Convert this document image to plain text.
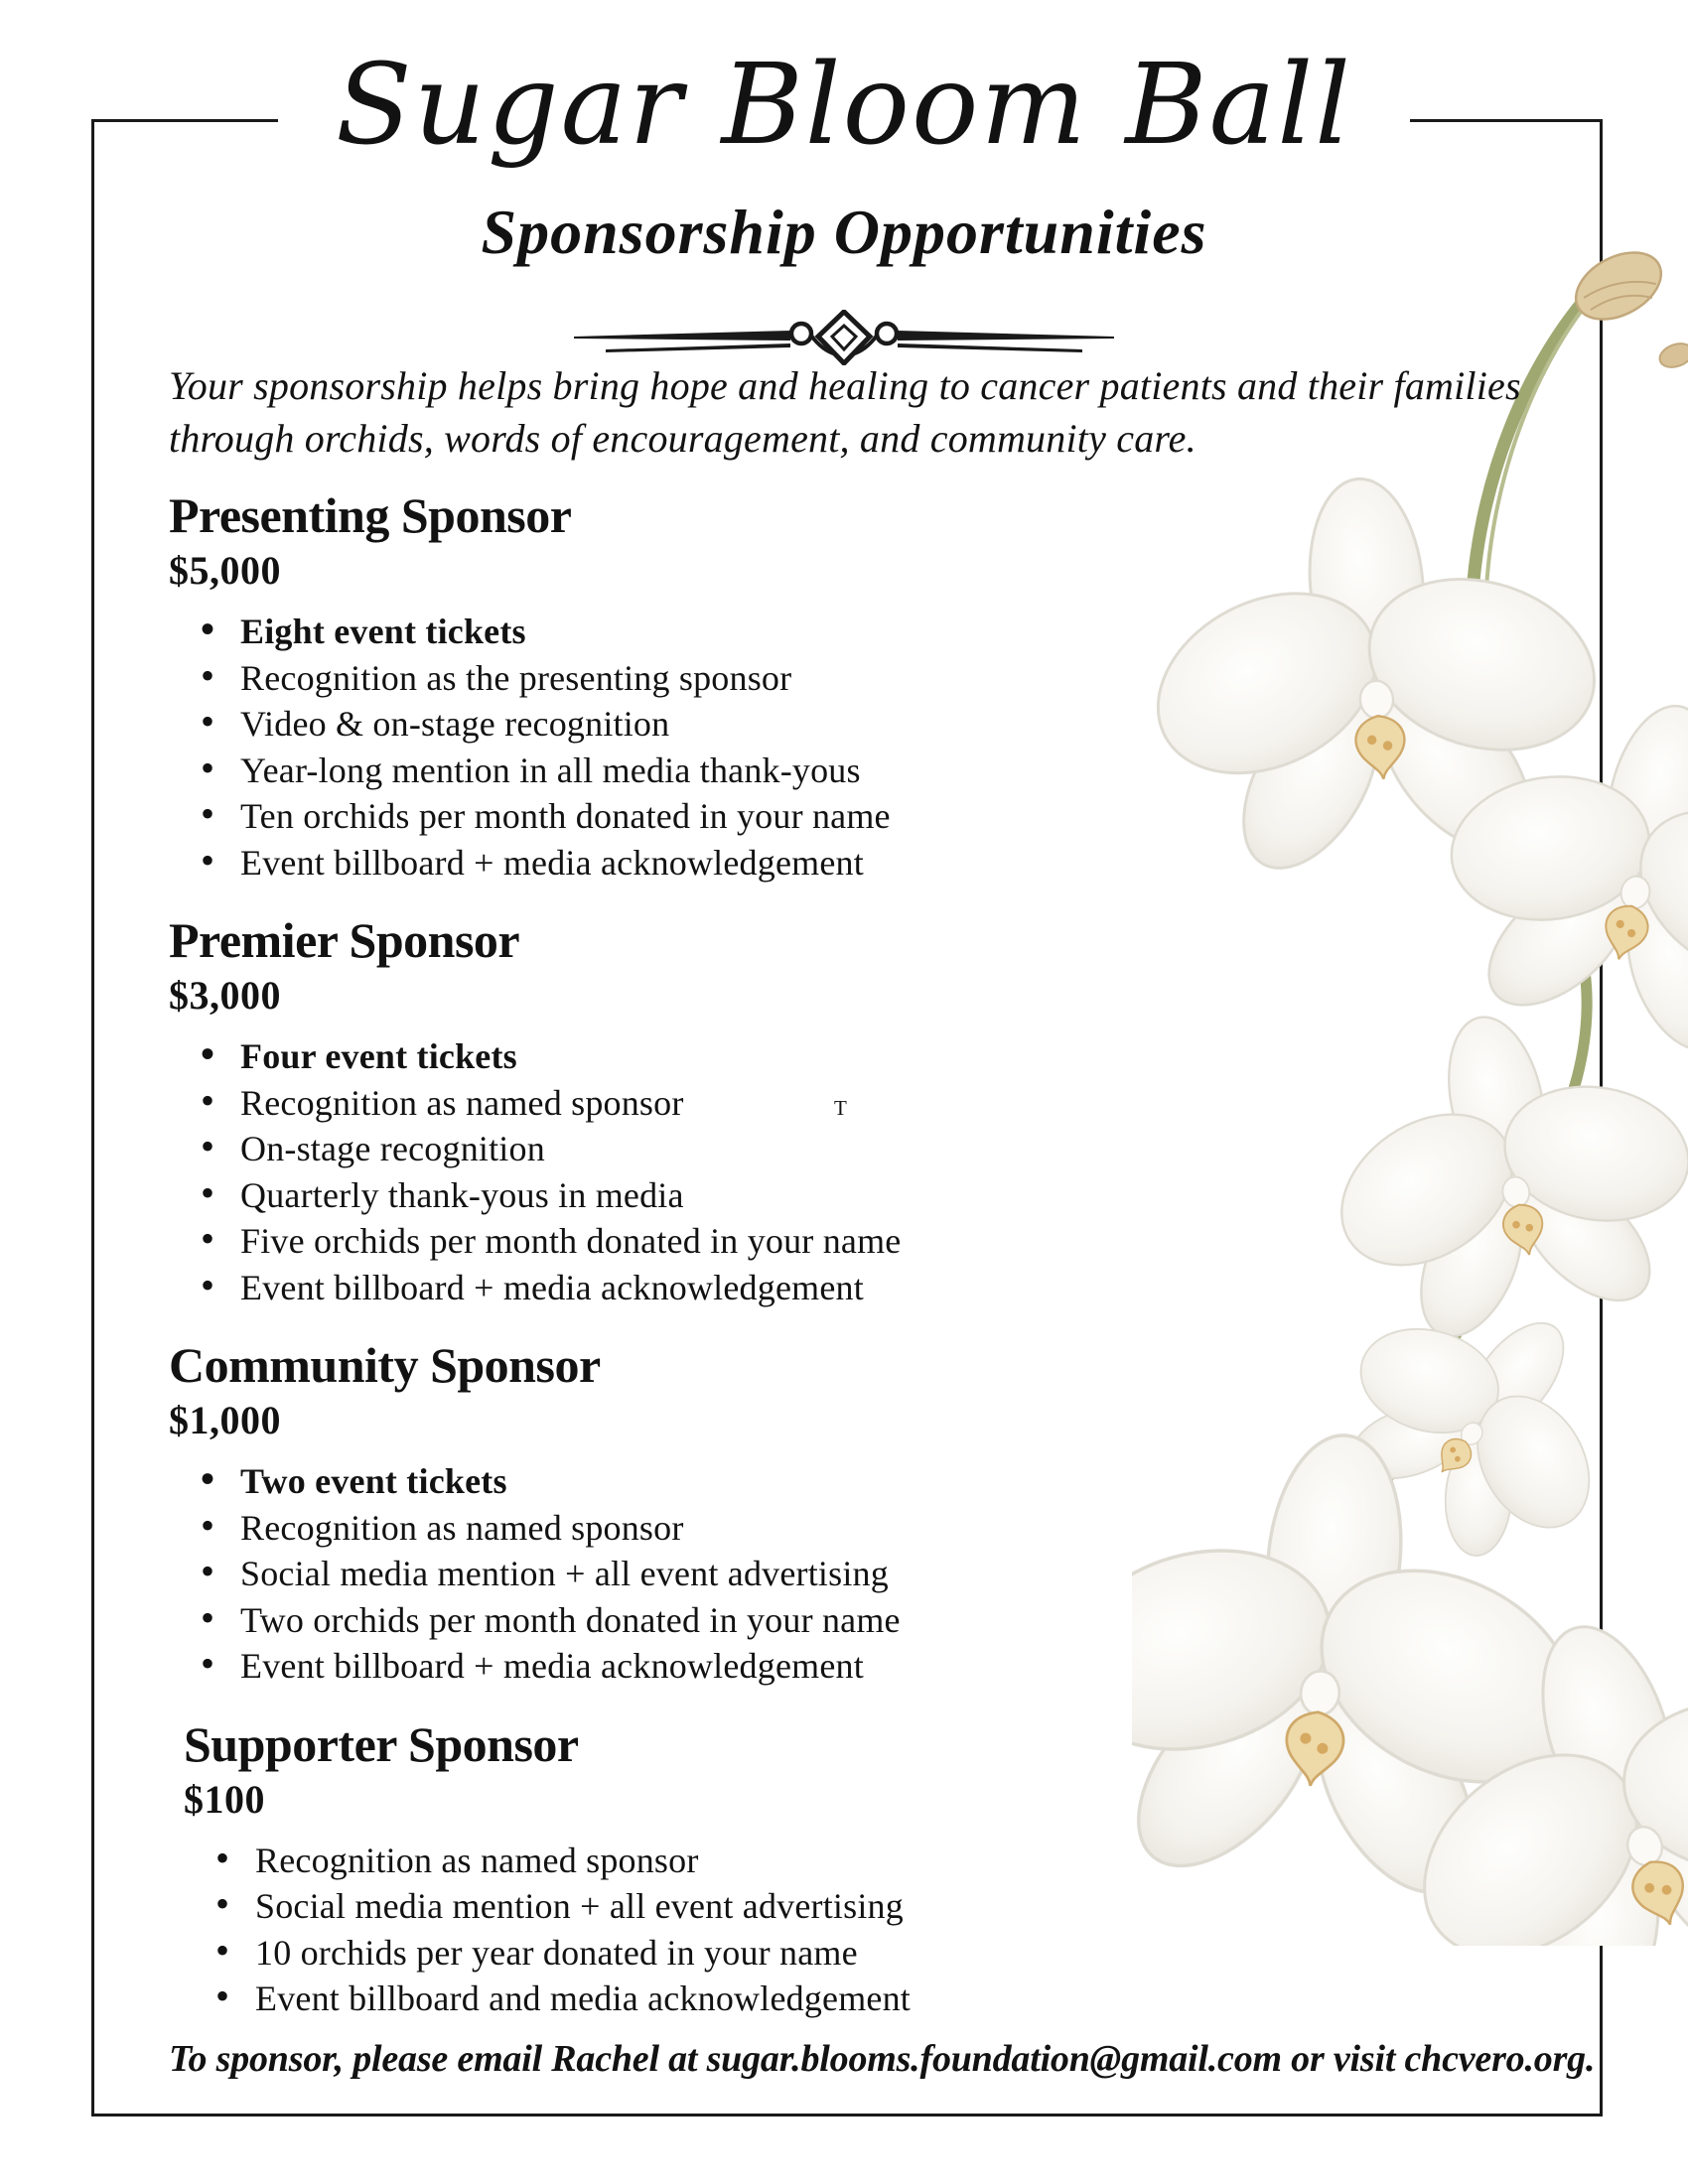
Sugar Bloom Ball
Sponsorship Opportunities

Your sponsorship helps bring hope and healing to cancer patients and their families
through orchids, words of encouragement, and community care.

Presenting Sponsor
$5,000
• Eight event tickets
• Recognition as the presenting sponsor
• Video & on-stage recognition
• Year-long mention in all media thank-yous
• Ten orchids per month donated in your name
• Event billboard + media acknowledgement
Premier Sponsor
$3,000
• Four event tickets
• Recognition as named sponsor
• On-stage recognition
• Quarterly thank-yous in media
• Five orchids per month donated in your name
• Event billboard + media acknowledgement
Community Sponsor
$1,000
• Two event tickets
• Recognition as named sponsor
• Social media mention + all event advertising
• Two orchids per month donated in your name
• Event billboard + media acknowledgement
Supporter Sponsor
$100
• Recognition as named sponsor
• Social media mention + all event advertising
• 10 orchids per year donated in your name
• Event billboard and media acknowledgement
T

To sponsor, please email Rachel at sugar.blooms.foundation@gmail.com or visit chcvero.org.
